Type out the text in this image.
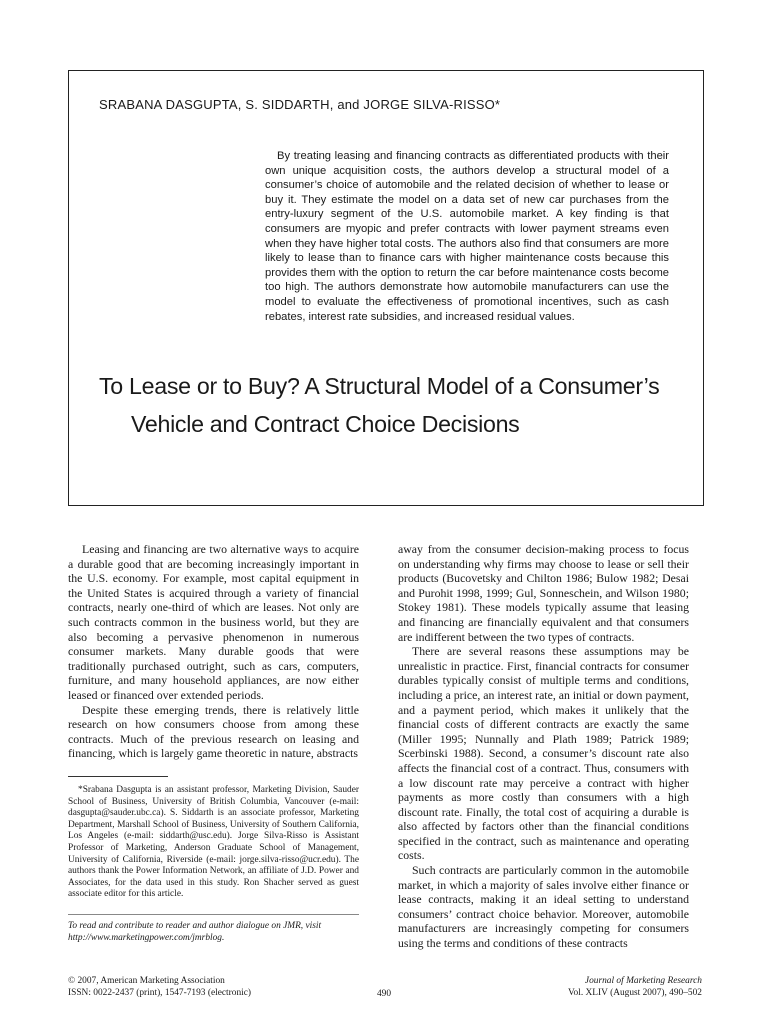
SRABANA DASGUPTA, S. SIDDARTH, and JORGE SILVA-RISSO*
By treating leasing and financing contracts as differentiated products with their own unique acquisition costs, the authors develop a structural model of a consumer’s choice of automobile and the related decision of whether to lease or buy it. They estimate the model on a data set of new car purchases from the entry-luxury segment of the U.S. automobile market. A key finding is that consumers are myopic and prefer contracts with lower payment streams even when they have higher total costs. The authors also find that consumers are more likely to lease than to finance cars with higher maintenance costs because this provides them with the option to return the car before maintenance costs become too high. The authors demonstrate how automobile manufacturers can use the model to evaluate the effectiveness of promotional incentives, such as cash rebates, interest rate subsidies, and increased residual values.
To Lease or to Buy? A Structural Model of a Consumer’s Vehicle and Contract Choice Decisions

Leasing and financing are two alternative ways to acquire a durable good that are becoming increasingly important in the U.S. economy. For example, most capital equipment in the United States is acquired through a variety of financial contracts, nearly one-third of which are leases. Not only are such contracts common in the business world, but they are also becoming a pervasive phenomenon in numerous consumer markets. Many durable goods that were traditionally purchased outright, such as cars, computers, furniture, and many household appliances, are now either leased or financed over extended periods.

Despite these emerging trends, there is relatively little research on how consumers choose from among these contracts. Much of the previous research on leasing and financing, which is largely game theoretic in nature, abstracts

away from the consumer decision-making process to focus on understanding why firms may choose to lease or sell their products (Bucovetsky and Chilton 1986; Bulow 1982; Desai and Purohit 1998, 1999; Gul, Sonneschein, and Wilson 1980; Stokey 1981). These models typically assume that leasing and financing are financially equivalent and that consumers are indifferent between the two types of contracts.

There are several reasons these assumptions may be unrealistic in practice. First, financial contracts for consumer durables typically consist of multiple terms and conditions, including a price, an interest rate, an initial or down payment, and a payment period, which makes it unlikely that the financial costs of different contracts are exactly the same (Miller 1995; Nunnally and Plath 1989; Patrick 1989; Scerbinski 1988). Second, a consumer’s discount rate also affects the financial cost of a contract. Thus, consumers with a low discount rate may perceive a contract with higher payments as more costly than consumers with a high discount rate. Finally, the total cost of acquiring a durable is also affected by factors other than the financial conditions specified in the contract, such as maintenance and operating costs.

Such contracts are particularly common in the automobile market, in which a majority of sales involve either finance or lease contracts, making it an ideal setting to understand consumers’ contract choice behavior. Moreover, automobile manufacturers are increasingly competing for consumers using the terms and conditions of these contracts

*Srabana Dasgupta is an assistant professor, Marketing Division, Sauder School of Business, University of British Columbia, Vancouver (e-mail: dasgupta@sauder.ubc.ca). S. Siddarth is an associate professor, Marketing Department, Marshall School of Business, University of Southern California, Los Angeles (e-mail: siddarth@usc.edu). Jorge Silva-Risso is Assistant Professor of Marketing, Anderson Graduate School of Management, University of California, Riverside (e-mail: jorge.silva-risso@ucr.edu). The authors thank the Power Information Network, an affiliate of J.D. Power and Associates, for the data used in this study. Ron Shacher served as guest associate editor for this article.

To read and contribute to reader and author dialogue on JMR, visit http://www.marketingpower.com/jmrblog.

© 2007, American Marketing Association
ISSN: 0022-2437 (print), 1547-7193 (electronic)	490
Journal of Marketing Research
Vol. XLIV (August 2007), 490–502
